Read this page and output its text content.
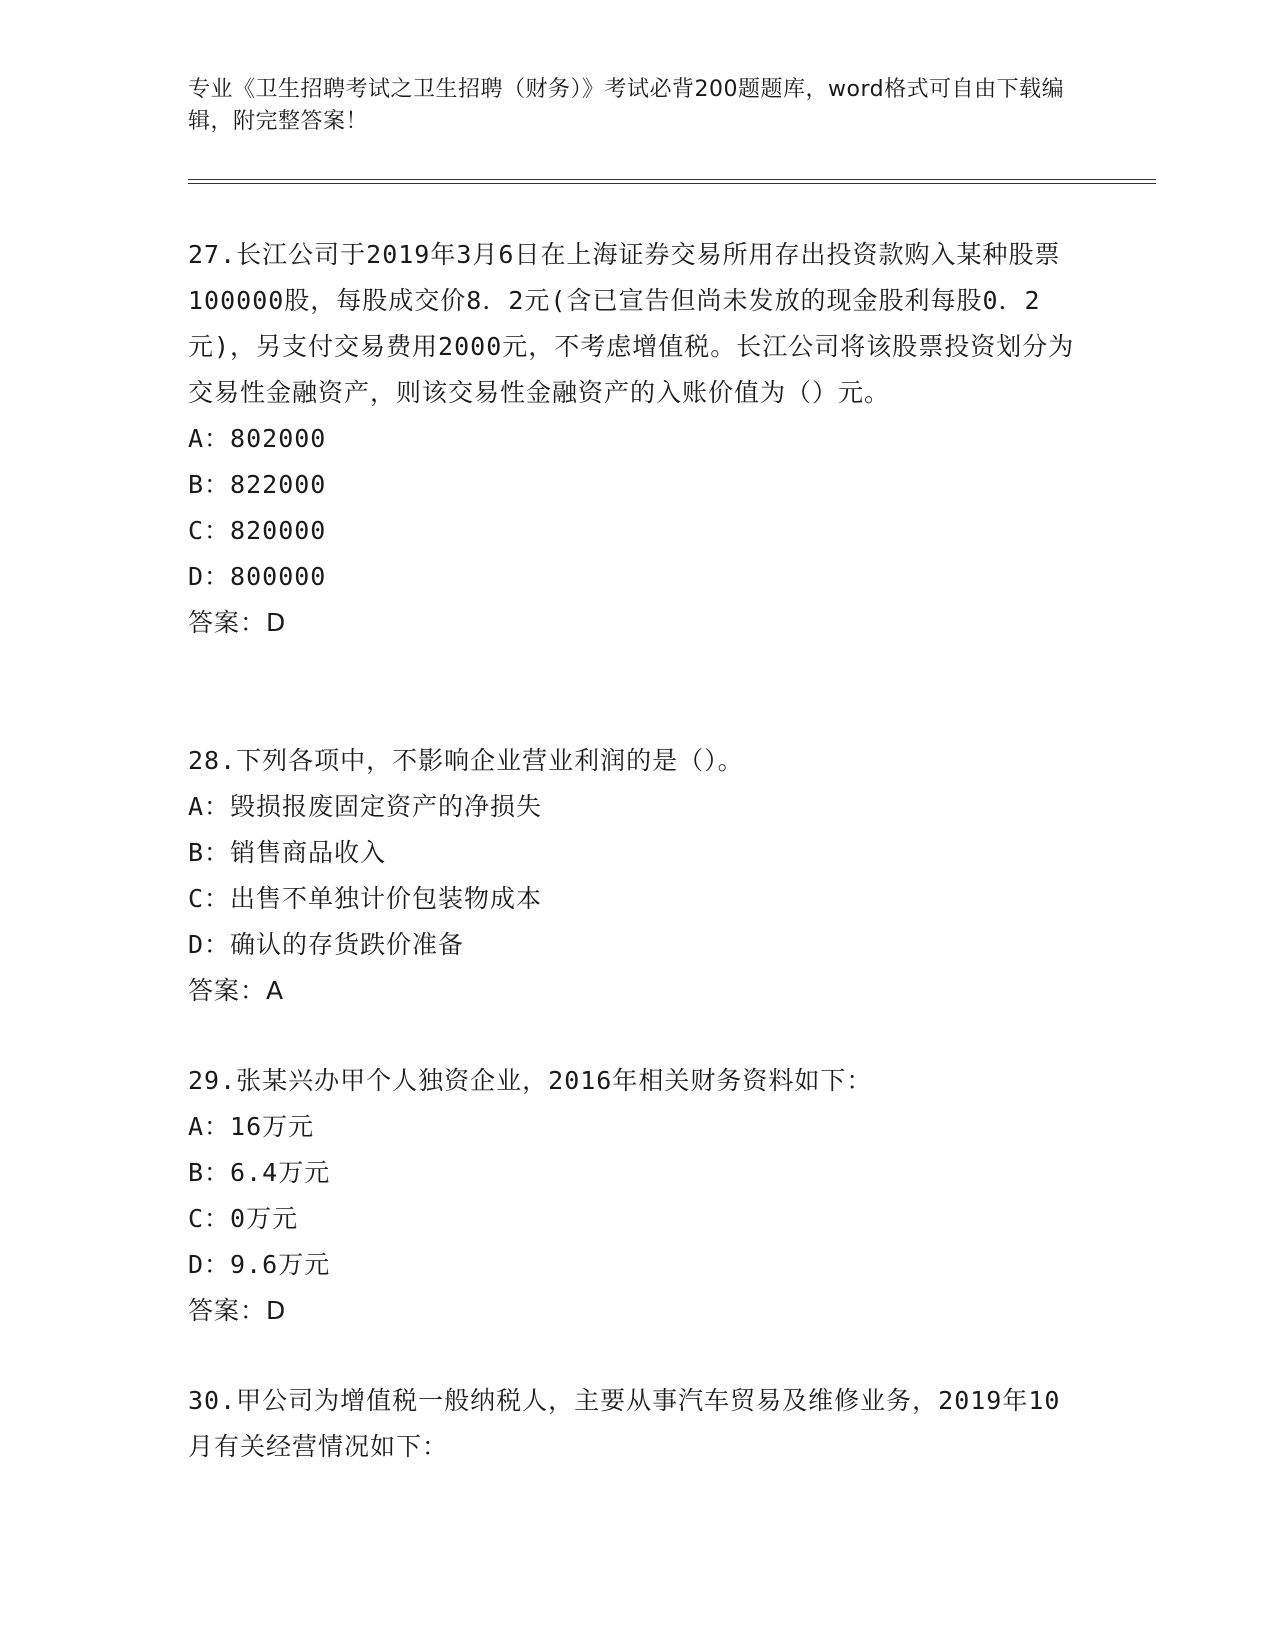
专业《卫生招聘考试之卫生招聘（财务）》考试必背200题题库，word格式可自由下载编辑，附完整答案！

27.长江公司于2019年3月6日在上海证券交易所用存出投资款购入某种股票100000股，每股成交价8．2元(含已宣告但尚未发放的现金股利每股0．2元)，另支付交易费用2000元，不考虑增值税。长江公司将该股票投资划分为交易性金融资产，则该交易性金融资产的入账价值为（）元。

A：802000

B：822000

C：820000

D：800000

答案：D

28.下列各项中，不影响企业营业利润的是（）。

A：毁损报废固定资产的净损失

B：销售商品收入

C：出售不单独计价包装物成本

D：确认的存货跌价准备

答案：A

29.张某兴办甲个人独资企业，2016年相关财务资料如下：

A：16万元

B：6.4万元

C：0万元

D：9.6万元

答案：D

30.甲公司为增值税一般纳税人，主要从事汽车贸易及维修业务，2019年10月有关经营情况如下：
